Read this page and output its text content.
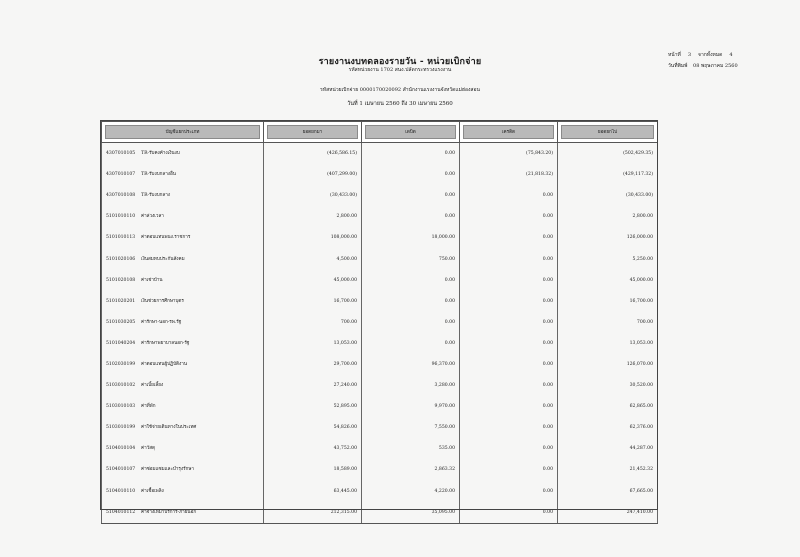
รายงานงบทดลองรายวัน - หน่วยเบิกจ่าย
รหัสหน่วยงาน 1702 สนง.ปลัดกระทรวงแรงงาน
รหัสหน่วยเบิกจ่าย 0000170020092 สำนักงานแรงงานจังหวัดแม่ฮ่องสอน
วันที่ 1 เมษายน 2560 ถึง 30 เมษายน 2560
หน้าที่ 3 จากทั้งหมด 4
วันที่พิมพ์ 08 พฤษภาคม 2560
บัญชีแยกประเภท	ยอดยกมา	เดบิต	เครดิต	ยอดยกไป

4307010105 TR-รับคงค้างเงินงบ	(426,586.15)	0.00	(75,843.20)	(502,429.35)
4307010107 TR-รับงบกลางอื่น	(407,299.00)	0.00	(21,818.32)	(429,117.32)
4307010108 TR-รับงบกลาง	(30,433.00)	0.00	0.00	(30,433.00)
5101010110 ค่าล่วงเวลา	2,800.00	0.00	0.00	2,800.00
5101010113 ค่าตอบแทนพนง.ราชการ	108,000.00	18,000.00	0.00	126,000.00
5101020106 เงินสมทบประกันสังคม	4,500.00	750.00	0.00	5,250.00
5101020108 ค่าเช่าบ้าน	45,000.00	0.00	0.00	45,000.00
5101020201 เงินช่วยการศึกษาบุตร	16,700.00	0.00	0.00	16,700.00
5101030205 ค่ารักษา-นอก-รพ.รัฐ	700.00	0.00	0.00	700.00
5101040204 ค่ารักษาพยาบาลนอก-รัฐ	13,053.00	0.00	0.00	13,053.00
5102030199 ค่าตอบแทนผู้ปฏิบัติงาน	29,700.00	96,370.00	0.00	126,070.00
5103010102 ค่าเบี้ยเลี้ยง	27,240.00	3,280.00	0.00	30,520.00
5103010103 ค่าที่พัก	52,895.00	9,970.00	0.00	62,865.00
5103010199 ค่าใช้จ่ายเดินทางในประเทศ	54,826.00	7,550.00	0.00	62,376.00
5104010104 ค่าวัสดุ	43,752.00	535.00	0.00	44,287.00
5104010107 ค่าซ่อมแซมและบำรุงรักษา	18,589.00	2,863.32	0.00	21,452.32
5104010110 ค่าเชื้อเพลิง	63,445.00	4,220.00	0.00	67,665.00
5104010112 ค่าจ้างเหมาบริการ-ภายนอก	212,315.00	35,095.00	0.00	247,410.00
